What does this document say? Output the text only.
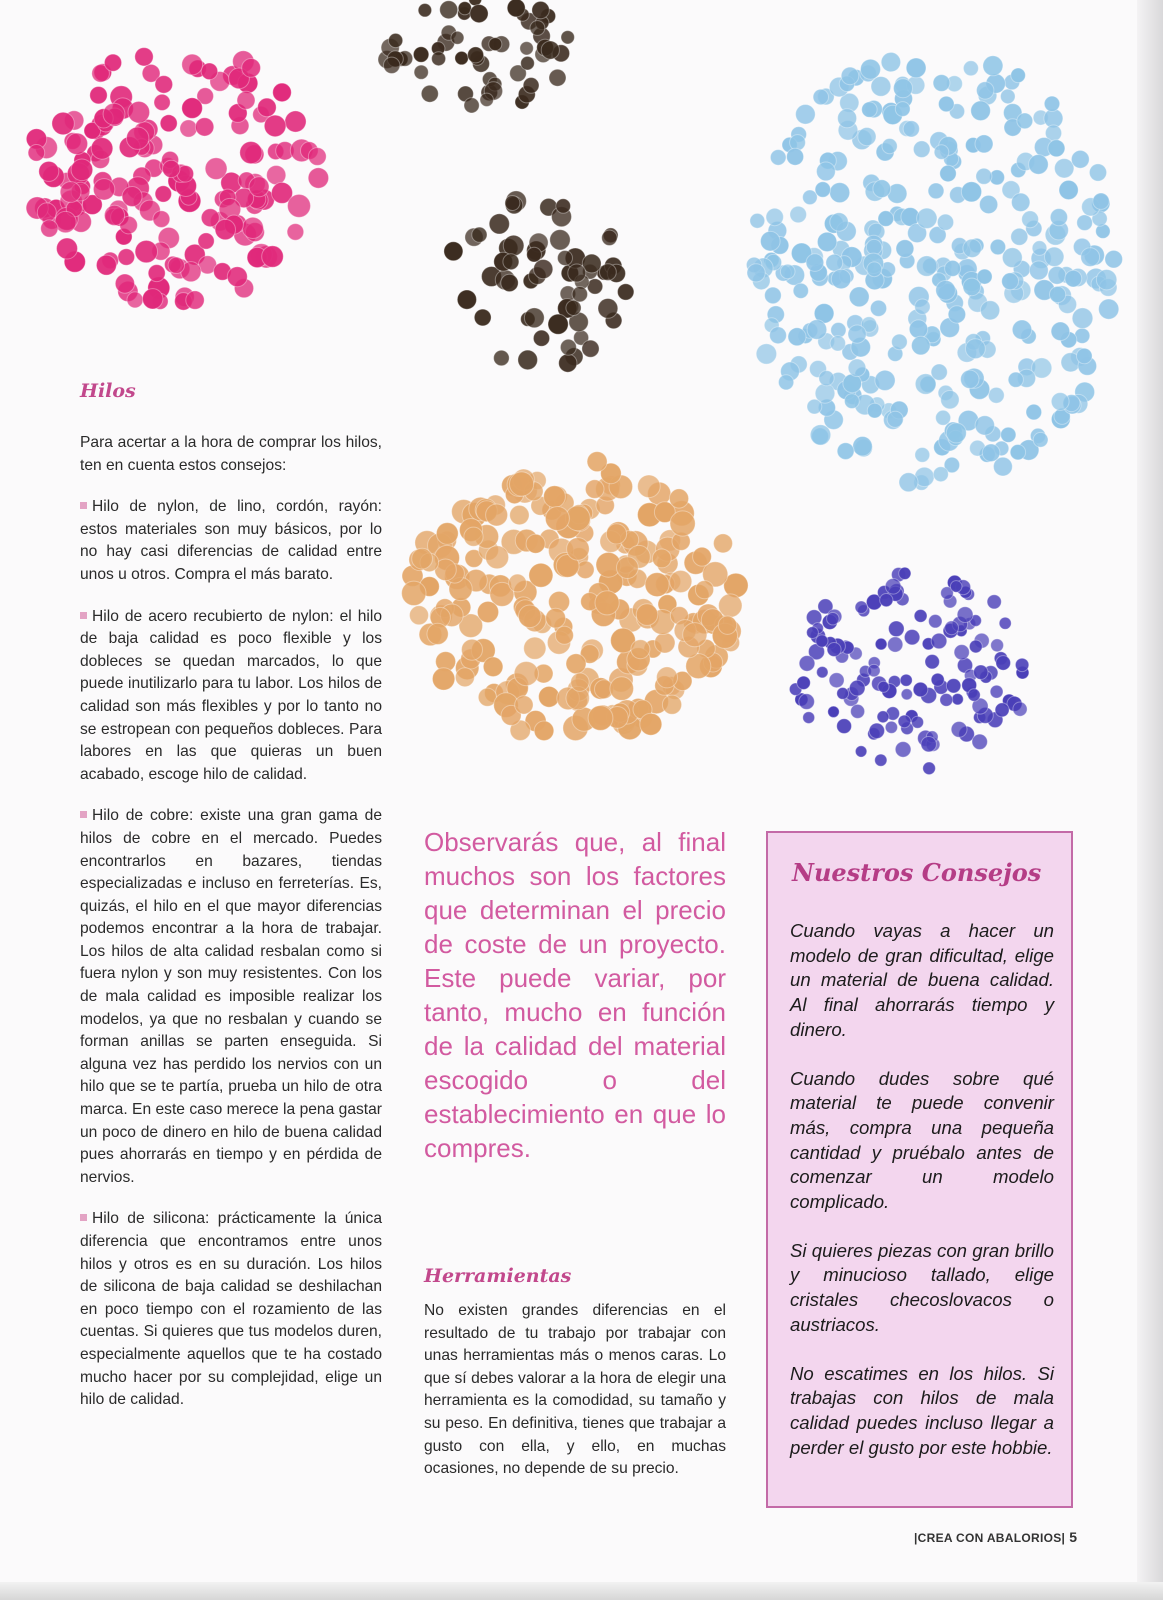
Hilos

Para acertar a la hora de comprar los hilos, ten en cuenta estos consejos:

Hilo de nylon, de lino, cordón, rayón: estos materiales son muy básicos, por lo no hay casi diferencias de calidad entre unos u otros. Compra el más barato.

Hilo de acero recubierto de nylon: el hilo de baja calidad es poco flexible y los dobleces se quedan marcados, lo que puede inutilizarlo para tu labor. Los hilos de calidad son más flexibles y por lo tanto no se estropean con pequeños dobleces. Para labores en las que quieras un buen acabado, escoge hilo de calidad.

Hilo de cobre: existe una gran gama de hilos de cobre en el mercado. Puedes encontrarlos en bazares, tiendas especializadas e incluso en ferreterías. Es, quizás, el hilo en el que mayor diferencias podemos encontrar a la hora de trabajar. Los hilos de alta calidad resbalan como si fuera nylon y son muy resistentes. Con los de mala calidad es imposible realizar los modelos, ya que no resbalan y cuando se forman anillas se parten enseguida. Si alguna vez has perdido los nervios con un hilo que se te partía, prueba un hilo de otra marca. En este caso merece la pena gastar un poco de dinero en hilo de buena calidad pues ahorrarás en tiempo y en pérdida de nervios.

Hilo de silicona: prácticamente la única diferencia que encontramos entre unos hilos y otros es en su duración. Los hilos de silicona de baja calidad se deshilachan en poco tiempo con el rozamiento de las cuentas. Si quieres que tus modelos duren, especialmente aquellos que te ha costado mucho hacer por su complejidad, elige un hilo de calidad.

Observarás que, al final muchos son los factores que determinan el precio de coste de un proyecto. Este puede variar, por tanto, mucho en función de la calidad del material escogido o del establecimiento en que lo compres.
Herramientas
No existen grandes diferencias en el resultado de tu trabajo por trabajar con unas herramientas más o menos caras. Lo que sí debes valorar a la hora de elegir una herramienta es la comodidad, su tamaño y su peso. En definitiva, tienes que trabajar a gusto con ella, y ello, en muchas ocasiones, no depende de su precio.
Nuestros Consejos

Cuando vayas a hacer un modelo de gran dificultad, elige un material de buena calidad. Al final ahorrarás tiempo y dinero.

Cuando dudes sobre qué material te puede convenir más, compra una pequeña cantidad y pruébalo antes de comenzar un modelo complicado.

Si quieres piezas con gran brillo y minucioso tallado, elige cristales checoslovacos o austriacos.

No escatimes en los hilos. Si trabajas con hilos de mala calidad puedes incluso llegar a perder el gusto por este hobbie.

|CREA CON ABALORIOS| 5
